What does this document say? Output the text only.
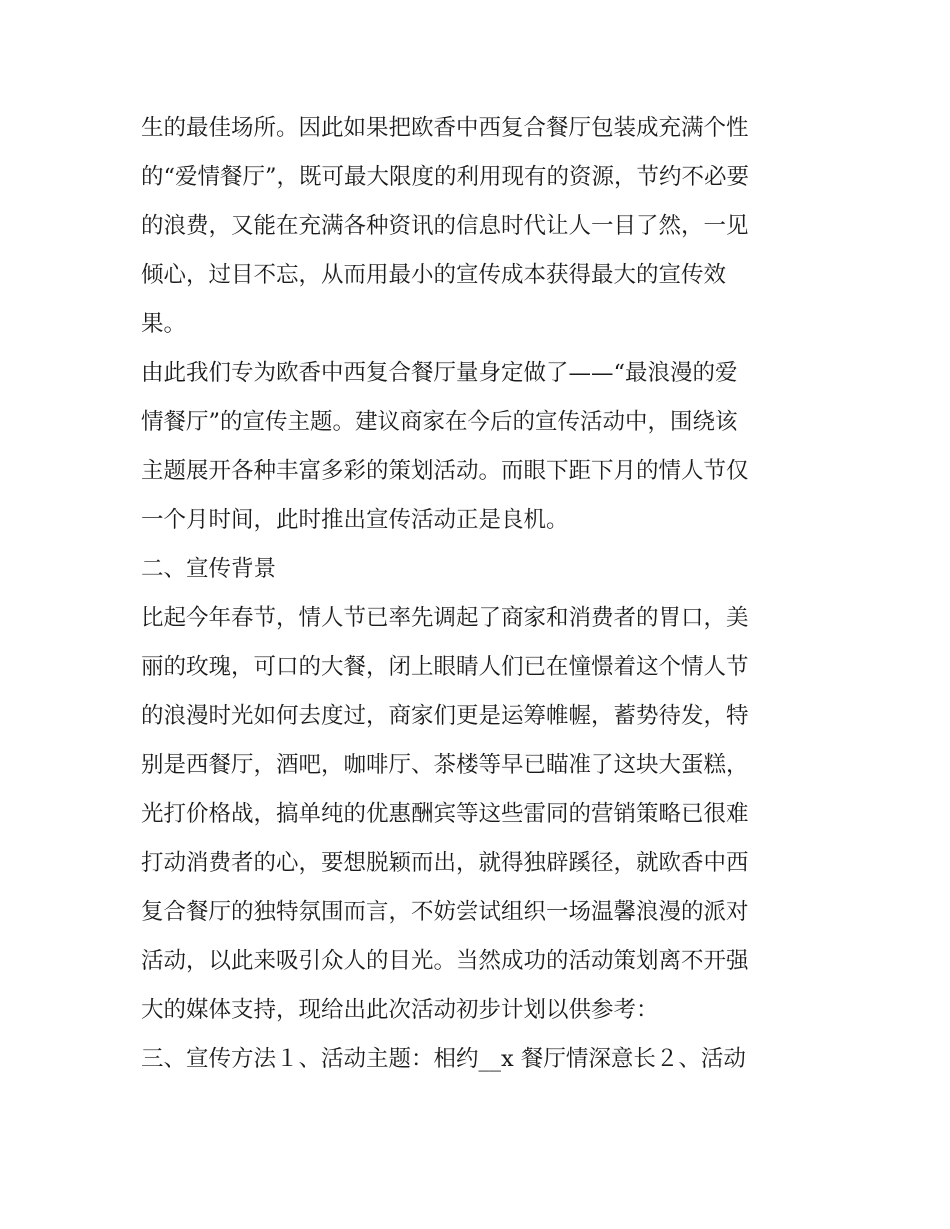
生的最佳场所。因此如果把欧香中西复合餐厅包装成充满个性
的“爱情餐厅”，既可最大限度的利用现有的资源，节约不必要
的浪费，又能在充满各种资讯的信息时代让人一目了然，一见
倾心，过目不忘，从而用最小的宣传成本获得最大的宣传效
果。

由此我们专为欧香中西复合餐厅量身定做了——“最浪漫的爱
情餐厅”的宣传主题。建议商家在今后的宣传活动中，围绕该
主题展开各种丰富多彩的策划活动。而眼下距下月的情人节仅
一个月时间，此时推出宣传活动正是良机。

二、宣传背景

比起今年春节，情人节已率先调起了商家和消费者的胃口，美
丽的玫瑰，可口的大餐，闭上眼睛人们已在憧憬着这个情人节
的浪漫时光如何去度过，商家们更是运筹帷幄，蓄势待发，特
别是西餐厅，酒吧，咖啡厅、茶楼等早已瞄准了这块大蛋糕，
光打价格战，搞单纯的优惠酬宾等这些雷同的营销策略已很难
打动消费者的心，要想脱颖而出，就得独辟蹊径，就欧香中西
复合餐厅的独特氛围而言，不妨尝试组织一场温馨浪漫的派对
活动，以此来吸引众人的目光。当然成功的活动策划离不开强
大的媒体支持，现给出此次活动初步计划以供参考：

三、宣传方法１、活动主题：相约__x 餐厅情深意长２、活动
